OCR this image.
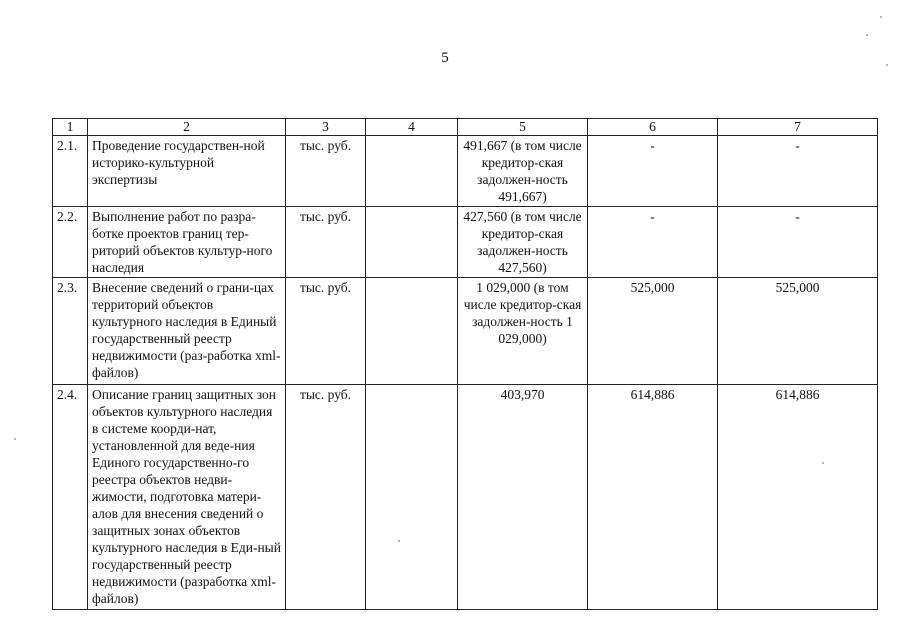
5
1	2	3	4	5	6	7
2.1.	Проведение государствен-ной историко-культурной экспертизы	тыс. руб.		491,667 (в том числе кредитор-ская задолжен-ность 491,667)	-	-
2.2.	Выполнение работ по разра-ботке проектов границ тер-риторий объектов культур-ного наследия	тыс. руб.		427,560 (в том числе кредитор-ская задолжен-ность 427,560)	-	-
2.3.	Внесение сведений о грани-цах территорий объектов культурного наследия в Единый государственный реестр недвижимости (раз-работка xml-файлов)	тыс. руб.		1 029,000 (в том числе кредитор-ская задолжен-ность 1 029,000)	525,000	525,000
2.4.	Описание границ защитных зон объектов культурного наследия в системе коорди-нат, установленной для веде-ния Единого государственно-го реестра объектов недви-жимости, подготовка матери-алов для внесения сведений о защитных зонах объектов культурного наследия в Еди-ный государственный реестр недвижимости (разработка xml-файлов)	тыс. руб.		403,970	614,886	614,886
